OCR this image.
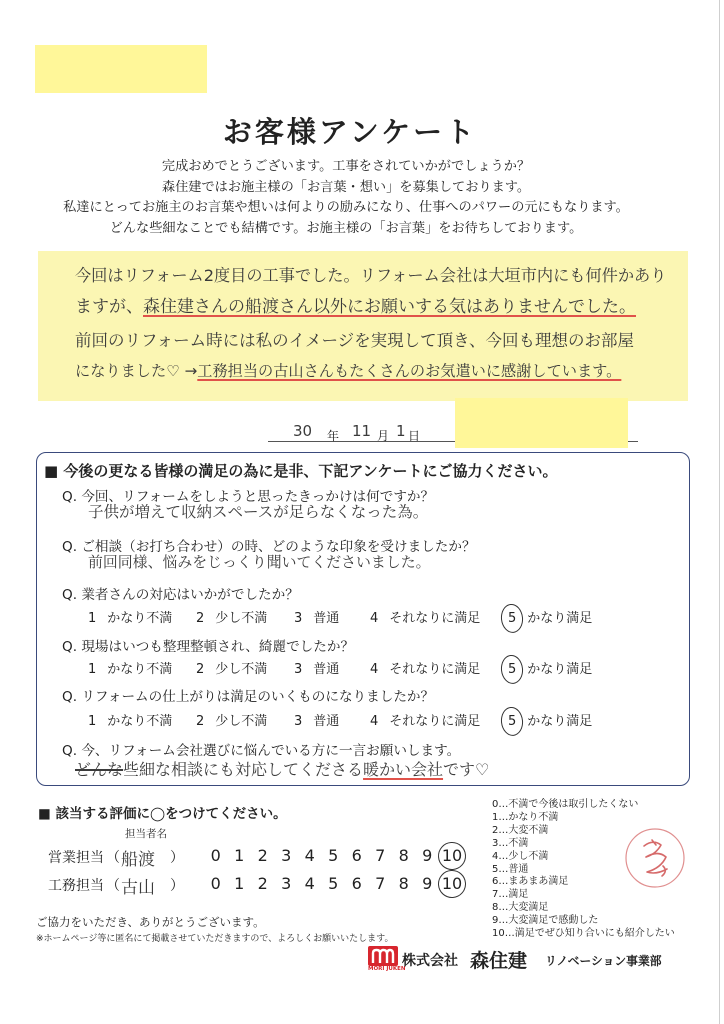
お客様アンケート
完成おめでとうございます。工事をされていかがでしょうか？
森住建ではお施主様の「お言葉・想い」を募集しております。
私達にとってお施主のお言葉や想いは何よりの励みになり、仕事へのパワーの元にもなります。
どんな些細なことでも結構です。お施主様の「お言葉」をお待ちしております。
今回はリフォーム2度目の工事でした。リフォーム会社は大垣市内にも何件かあり
ますが、森住建さんの船渡さん以外にお願いする気はありませんでした。
前回のリフォーム時には私のイメージを実現して頂き、今回も理想のお部屋
になりました♡ →工務担当の古山さんもたくさんのお気遣いに感謝しています。
30 年 11 月 1 日
■ 今後の更なる皆様の満足の為に是非、下記アンケートにご協力ください。
Q. 今回、リフォームをしようと思ったきっかけは何ですか？
子供が増えて収納スペースが足らなくなった為。
Q. ご相談（お打ち合わせ）の時、どのような印象を受けましたか？
前回同様、悩みをじっくり聞いてくださいました。
Q. 業者さんの対応はいかがでしたか？
1 かなり不満 2 少し不満 3 普通 4 それなりに満足 5 かなり満足
Q. 現場はいつも整理整頓され、綺麗でしたか？
1 かなり不満 2 少し不満 3 普通 4 それなりに満足 5 かなり満足
Q. リフォームの仕上がりは満足のいくものになりましたか？
1 かなり不満 2 少し不満 3 普通 4 それなりに満足 5 かなり満足
Q. 今、リフォーム会社選びに悩んでいる方に一言お願いします。
どんな些細な相談にも対応してくださる暖かい会社です♡
■ 該当する評価に◯をつけてください。
担当者名
営業担当 （ 船渡 ）	0 1 2 3 4 5 6 7 8 9 10
工務担当 （ 古山 ）	0 1 2 3 4 5 6 7 8 9 10
0…不満で今後は取引したくない
1…かなり不満
2…大変不満
3…不満
4…少し不満
5…普通
6…まあまあ満足
7…満足
8…大変満足
9…大変満足で感動した
10…満足でぜひ知り合いにも紹介したい
ご協力をいただき、ありがとうございます。
※ホームページ等に匿名にて掲載させていただきますので、よろしくお願いいたします。
MORI JUKEN
株式会社 森住建 リノベーション事業部
